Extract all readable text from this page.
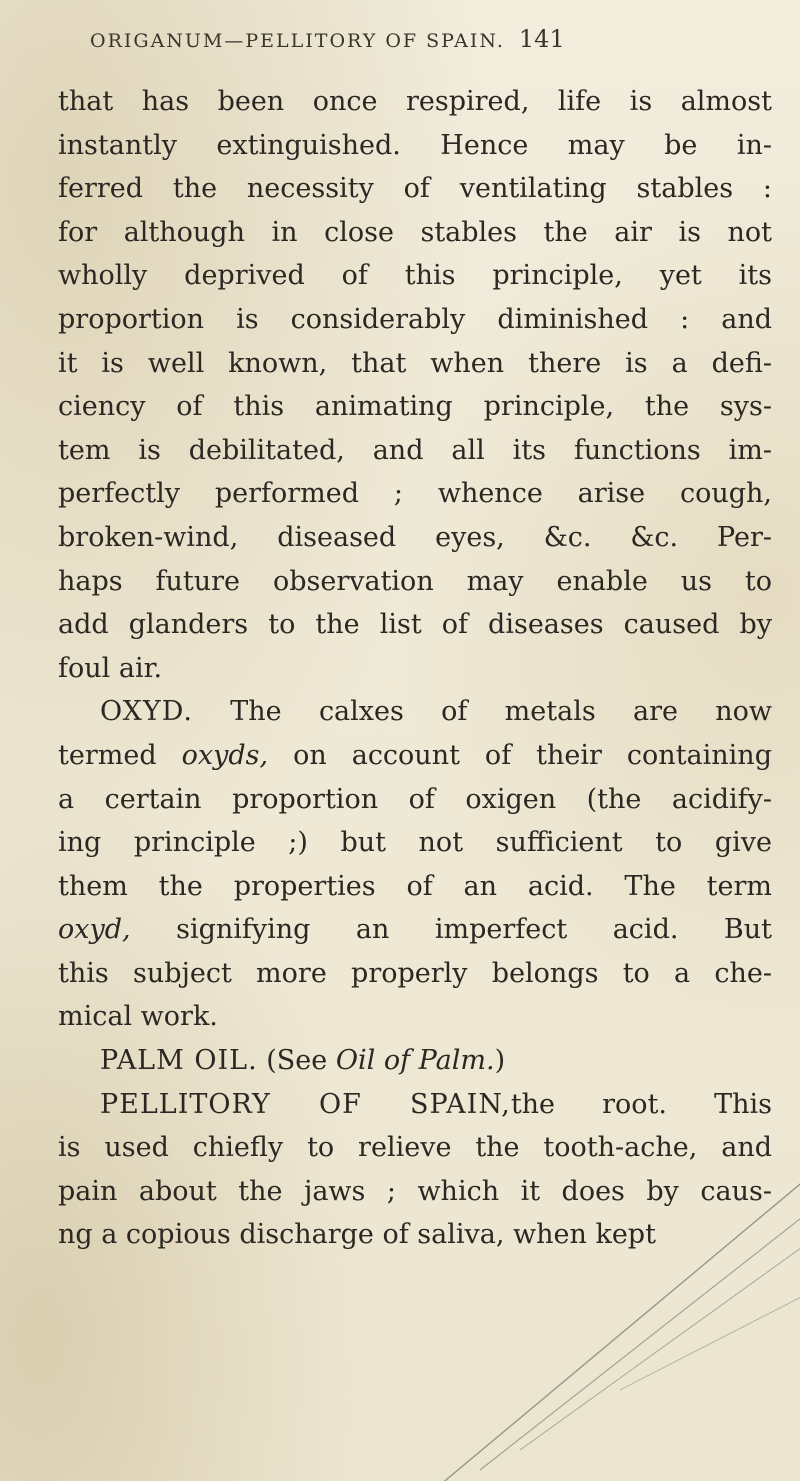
ORIGANUM—PELLITORY OF SPAIN. 141
that has been once respired, life is almost
instantly extinguished. Hence may be in-
ferred the necessity of ventilating stables :
for although in close stables the air is not
wholly deprived of this principle, yet its
proportion is considerably diminished : and
it is well known, that when there is a defi-
ciency of this animating principle, the sys-
tem is debilitated, and all its functions im-
perfectly performed ; whence arise cough,
broken-wind, diseased eyes, &c. &c. Per-
haps future observation may enable us to
add glanders to the list of diseases caused by
foul air.
OXYD. The calxes of metals are now
termed oxyds, on account of their containing
a certain proportion of oxigen (the acidify-
ing principle ;) but not sufficient to give
them the properties of an acid. The term
oxyd, signifying an imperfect acid. But
this subject more properly belongs to a che-
mical work.
PALM OIL. (See Oil of Palm.)
PELLITORY OF SPAIN,the root. This
is used chiefly to relieve the tooth-ache, and
pain about the jaws ; which it does by caus-
ng a copious discharge of saliva, when kept
